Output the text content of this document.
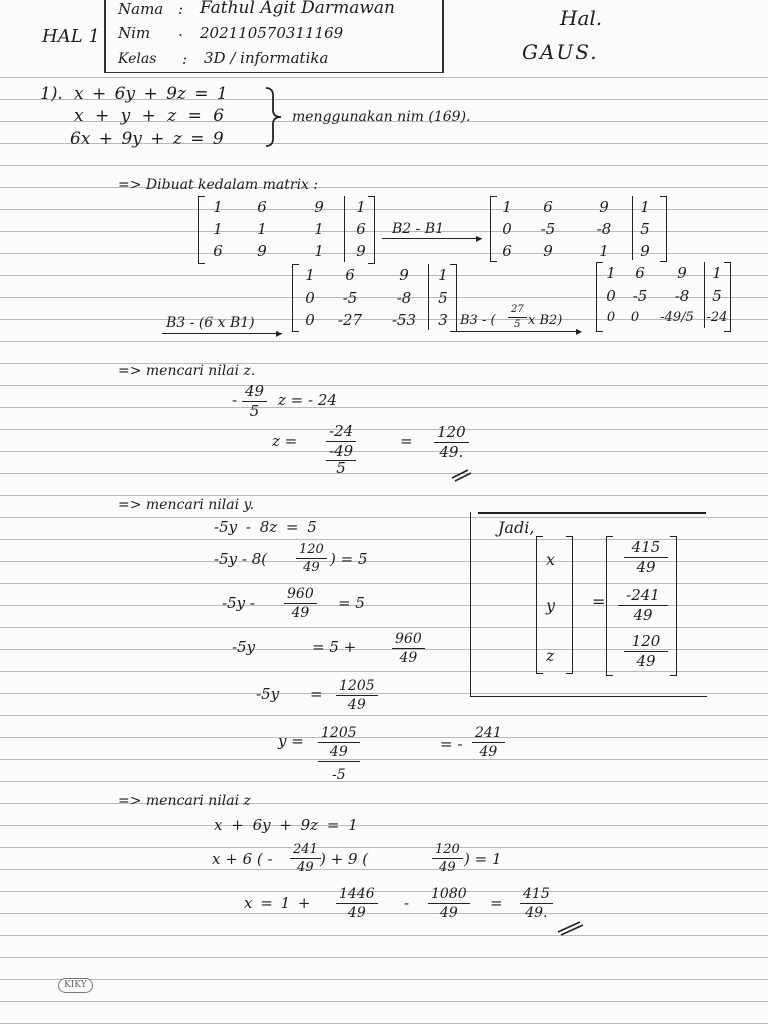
HAL 1
Nama : Fathul Agit Darmawan
Nim . 202110570311169
Kelas : 3D / informatika
Hal.
GAUS.
1). x + 6y + 9z = 1
x + y + z = 6
6x + 9y + z = 9
menggunakan nim (169).
=> Dibuat kedalam matrix :
1	6	9	1
1	1	1	6
6	9	1	9
B2 - B1
▸
1	6	9	1
0	-5	-8	5
6	9	1	9
1	6	9	1
0	-5	-8	5
0	-27	-53	3
B3 - (6 x B1)
▸
B3 - ( $\frac{27}{5}$ x B2)
▸
1	6	9	1
0	-5	-8	5
0	0	-49/5 -24
=> mencari nilai z.
- $\frac{49}{5}$ z = - 24
z = -24
-49
5	= $\frac{120}{49.}$
=> mencari nilai y.
-5y - 8z = 5
$-5y - 8( \frac{120}{49}$ ) = 5
$-5y - \frac{960}{49} = 5$
-5y	= 5 +	$\frac{960}{49}$
$-5y = \frac{1205}{49}$
y = 1205
49
-5
= - $\frac{241}{49}$
Jadi,
x
y
z
=
$\frac{415}{49}$
$\frac{-241}{49}$
$\frac{120}{49}$
=> mencari nilai z
x + 6y + 9z = 1
x + 6 ( - $\frac{241}{49}$ ) + 9 (	$\frac{120}{49}$ ) = 1
$x = 1 + \frac{1446}{49} - \frac{1080}{49} = \frac{415}{49.}$
KIKY
